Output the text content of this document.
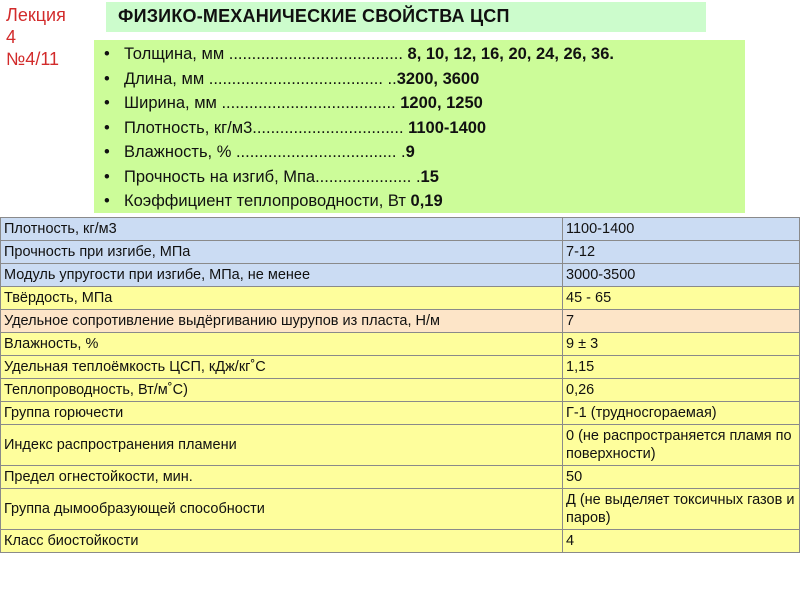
Лекция
4
№4/11
ФИЗИКО-МЕХАНИЧЕСКИЕ СВОЙСТВА ЦСП
• Толщина, мм ...................................... 8, 10, 12, 16, 20, 24, 26, 36.
• Длина, мм ...................................... ..3200, 3600
• Ширина, мм ...................................... 1200, 1250
• Плотность, кг/м3................................. 1100-1400
• Влажность, % ................................... .9
• Прочность на изгиб, Мпа..................... .15
• Коэффициент теплопроводности, Вт 0,19
Плотность, кг/м3	1100-1400
Прочность при изгибе, МПа	7-12
Модуль упругости при изгибе, МПа, не менее	3000-3500
Твёрдость, МПа	45 - 65
Удельное сопротивление выдёргиванию шурупов из пласта, Н/м	7
Влажность, %	9 ± 3
Удельная теплоёмкость ЦСП, кДж/кг˚С	1,15
Теплопроводность, Вт/м˚С)	0,26
Группа горючести	Г-1 (трудносгораемая)
Индекс распространения пламени	0 (не распространяется пламя по поверхности)
Предел огнестойкости, мин.	50
Группа дымообразующей способности	Д (не выделяет токсичных газов и паров)
Класс биостойкости	4
